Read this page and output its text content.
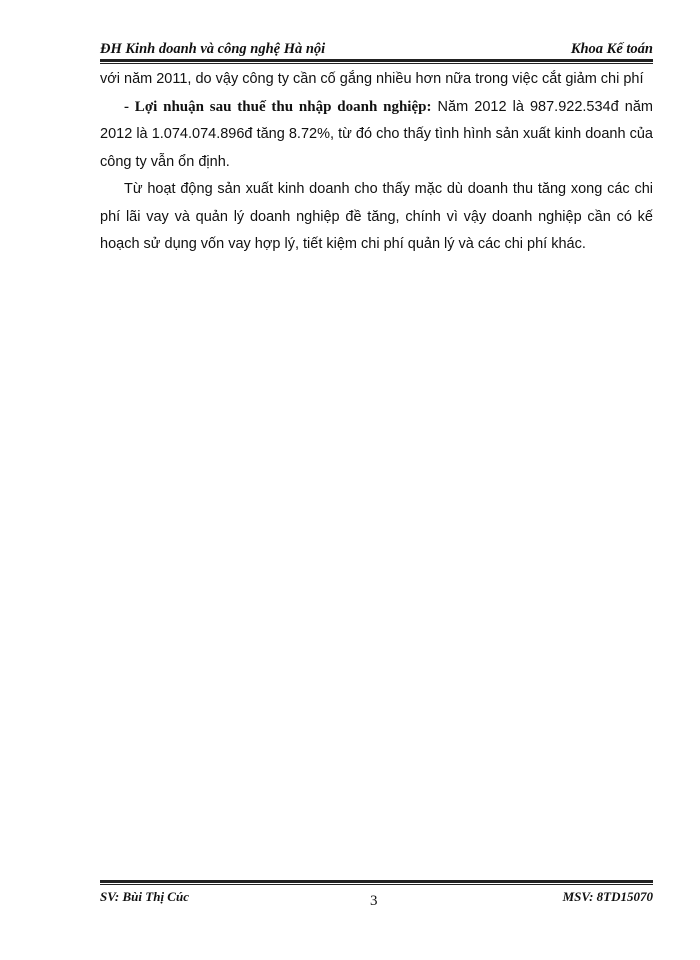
ĐH Kinh doanh và công nghệ Hà nội	Khoa Kế toán

với năm 2011, do vậy công ty cần cố gắng nhiều hơn nữa trong việc cắt giảm chi phí

- Lợi nhuận sau thuế thu nhập doanh nghiệp: Năm 2012 là 987.922.534đ năm 2012 là 1.074.074.896đ tăng 8.72%, từ đó cho thấy tình hình sản xuất kinh doanh của công ty vẫn ổn định.

Từ hoạt động sản xuất kinh doanh cho thấy mặc dù doanh thu tăng xong các chi phí lãi vay và quản lý doanh nghiệp đề tăng, chính vì vậy doanh nghiệp cần có kế hoạch sử dụng vốn vay hợp lý, tiết kiệm chi phí quản lý và các chi phí khác.

SV: Bùi Thị Cúc	3	MSV: 8TD15070
